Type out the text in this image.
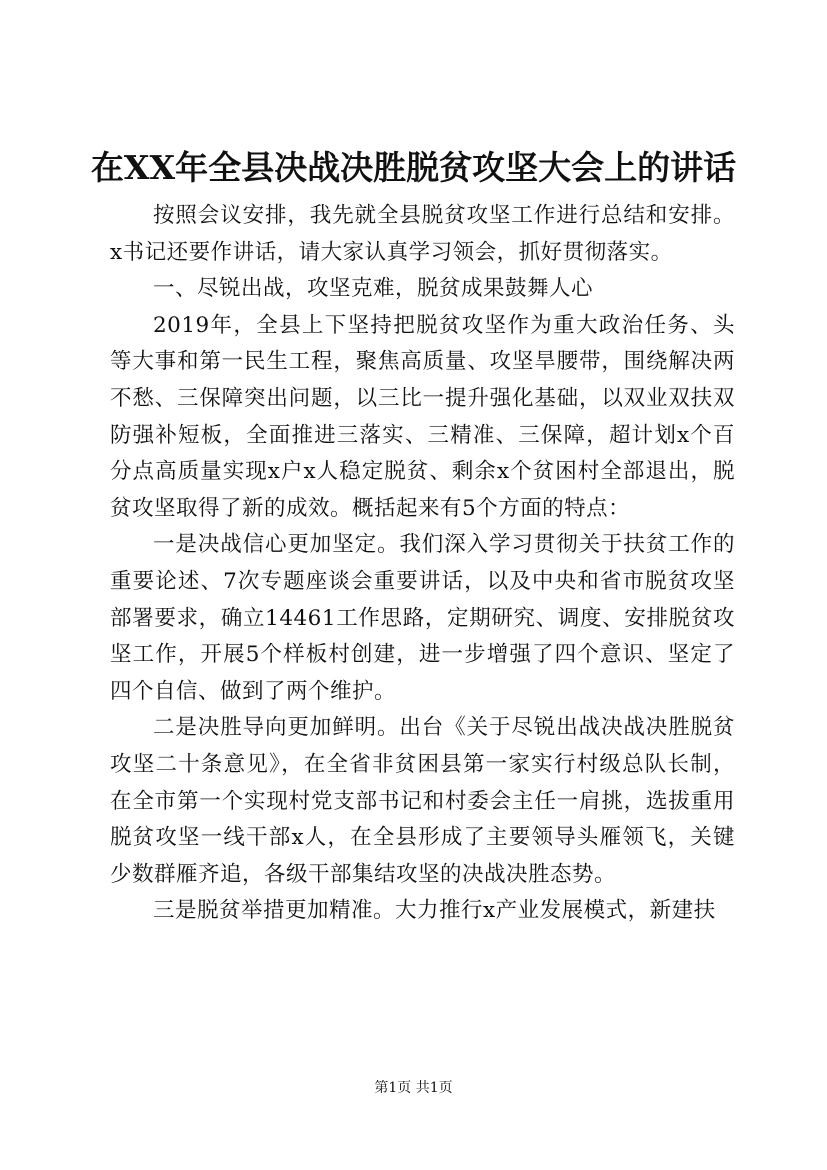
在XX年全县决战决胜脱贫攻坚大会上的讲话

按照会议安排，我先就全县脱贫攻坚工作进行总结和安排。x书记还要作讲话，请大家认真学习领会，抓好贯彻落实。

一、尽锐出战，攻坚克难，脱贫成果鼓舞人心

2019年，全县上下坚持把脱贫攻坚作为重大政治任务、头等大事和第一民生工程，聚焦高质量、攻坚旱腰带，围绕解决两不愁、三保障突出问题，以三比一提升强化基础，以双业双扶双防强补短板，全面推进三落实、三精准、三保障，超计划x个百分点高质量实现x户x人稳定脱贫、剩余x个贫困村全部退出，脱贫攻坚取得了新的成效。概括起来有5个方面的特点：

一是决战信心更加坚定。我们深入学习贯彻关于扶贫工作的重要论述、7次专题座谈会重要讲话，以及中央和省市脱贫攻坚部署要求，确立14461工作思路，定期研究、调度、安排脱贫攻坚工作，开展5个样板村创建，进一步增强了四个意识、坚定了四个自信、做到了两个维护。

二是决胜导向更加鲜明。出台《关于尽锐出战决战决胜脱贫攻坚二十条意见》，在全省非贫困县第一家实行村级总队长制，在全市第一个实现村党支部书记和村委会主任一肩挑，选拔重用脱贫攻坚一线干部x人，在全县形成了主要领导头雁领飞，关键少数群雁齐追，各级干部集结攻坚的决战决胜态势。

三是脱贫举措更加精准。大力推行x产业发展模式，新建扶

第1页 共1页
